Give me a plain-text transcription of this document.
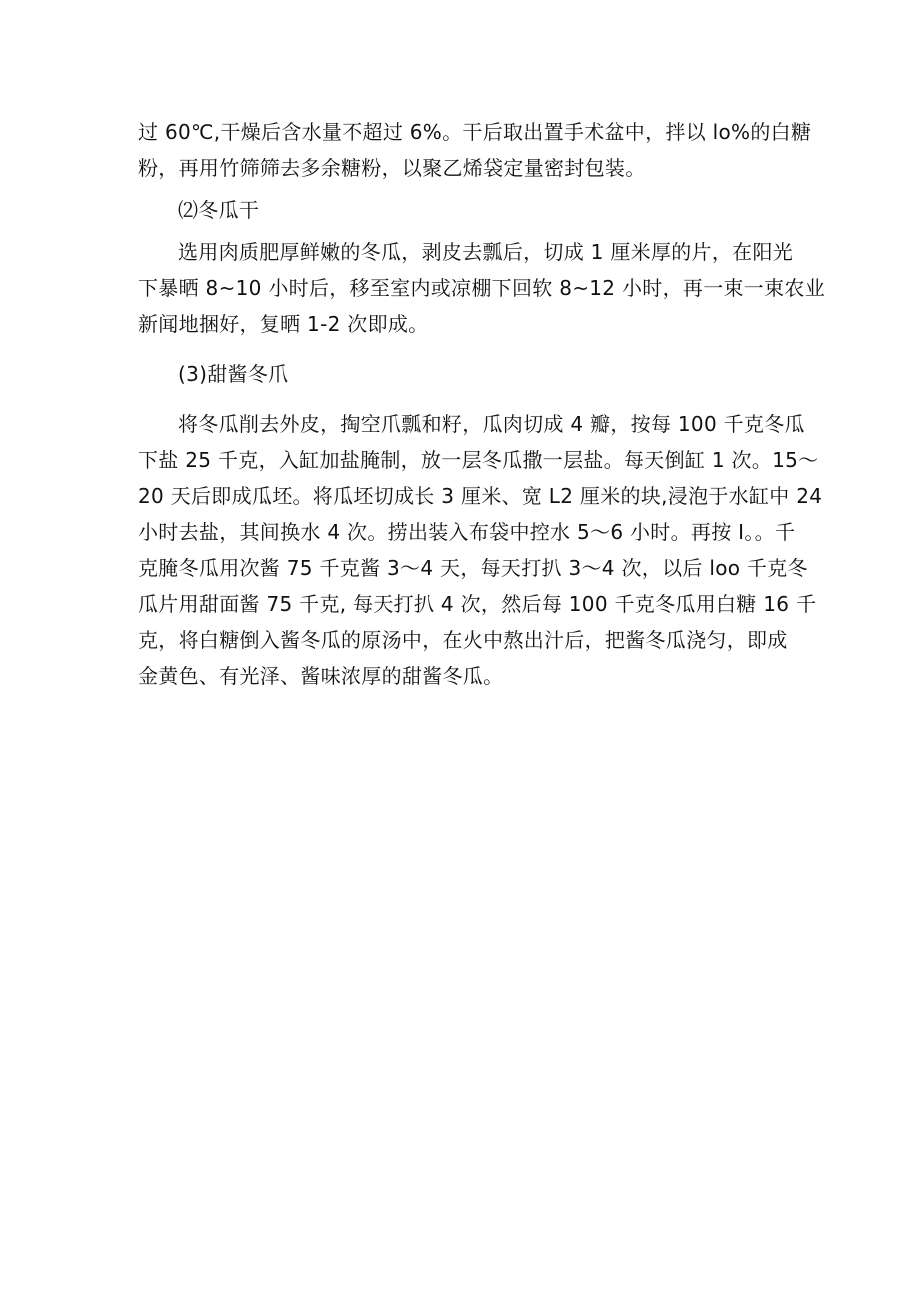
过 60℃,干燥后含水量不超过 6%。干后取出置手术盆中，拌以 lo%的白糖
粉，再用竹筛筛去多余糖粉，以聚乙烯袋定量密封包装。
⑵冬瓜干
选用肉质肥厚鲜嫩的冬瓜，剥皮去瓢后，切成 1 厘米厚的片，在阳光
下暴晒 8~10 小时后，移至室内或凉棚下回软 8~12 小时，再一束一束农业
新闻地捆好，复晒 1-2 次即成。
(3)甜酱冬爪
将冬瓜削去外皮，掏空爪瓢和籽，瓜肉切成 4 瓣，按每 100 千克冬瓜
下盐 25 千克，入缸加盐腌制，放一层冬瓜撒一层盐。每天倒缸 1 次。15～
20 天后即成瓜坯。将瓜坯切成长 3 厘米、宽 L2 厘米的块,浸泡于水缸中 24
小时去盐，其间换水 4 次。捞出装入布袋中控水 5～6 小时。再按 I。。千
克腌冬瓜用次酱 75 千克酱 3～4 天，每天打扒 3～4 次，以后 loo 千克冬
瓜片用甜面酱 75 千克, 每天打扒 4 次，然后每 100 千克冬瓜用白糖 16 千
克，将白糖倒入酱冬瓜的原汤中，在火中熬出汁后，把酱冬瓜浇匀，即成
金黄色、有光泽、酱味浓厚的甜酱冬瓜。
